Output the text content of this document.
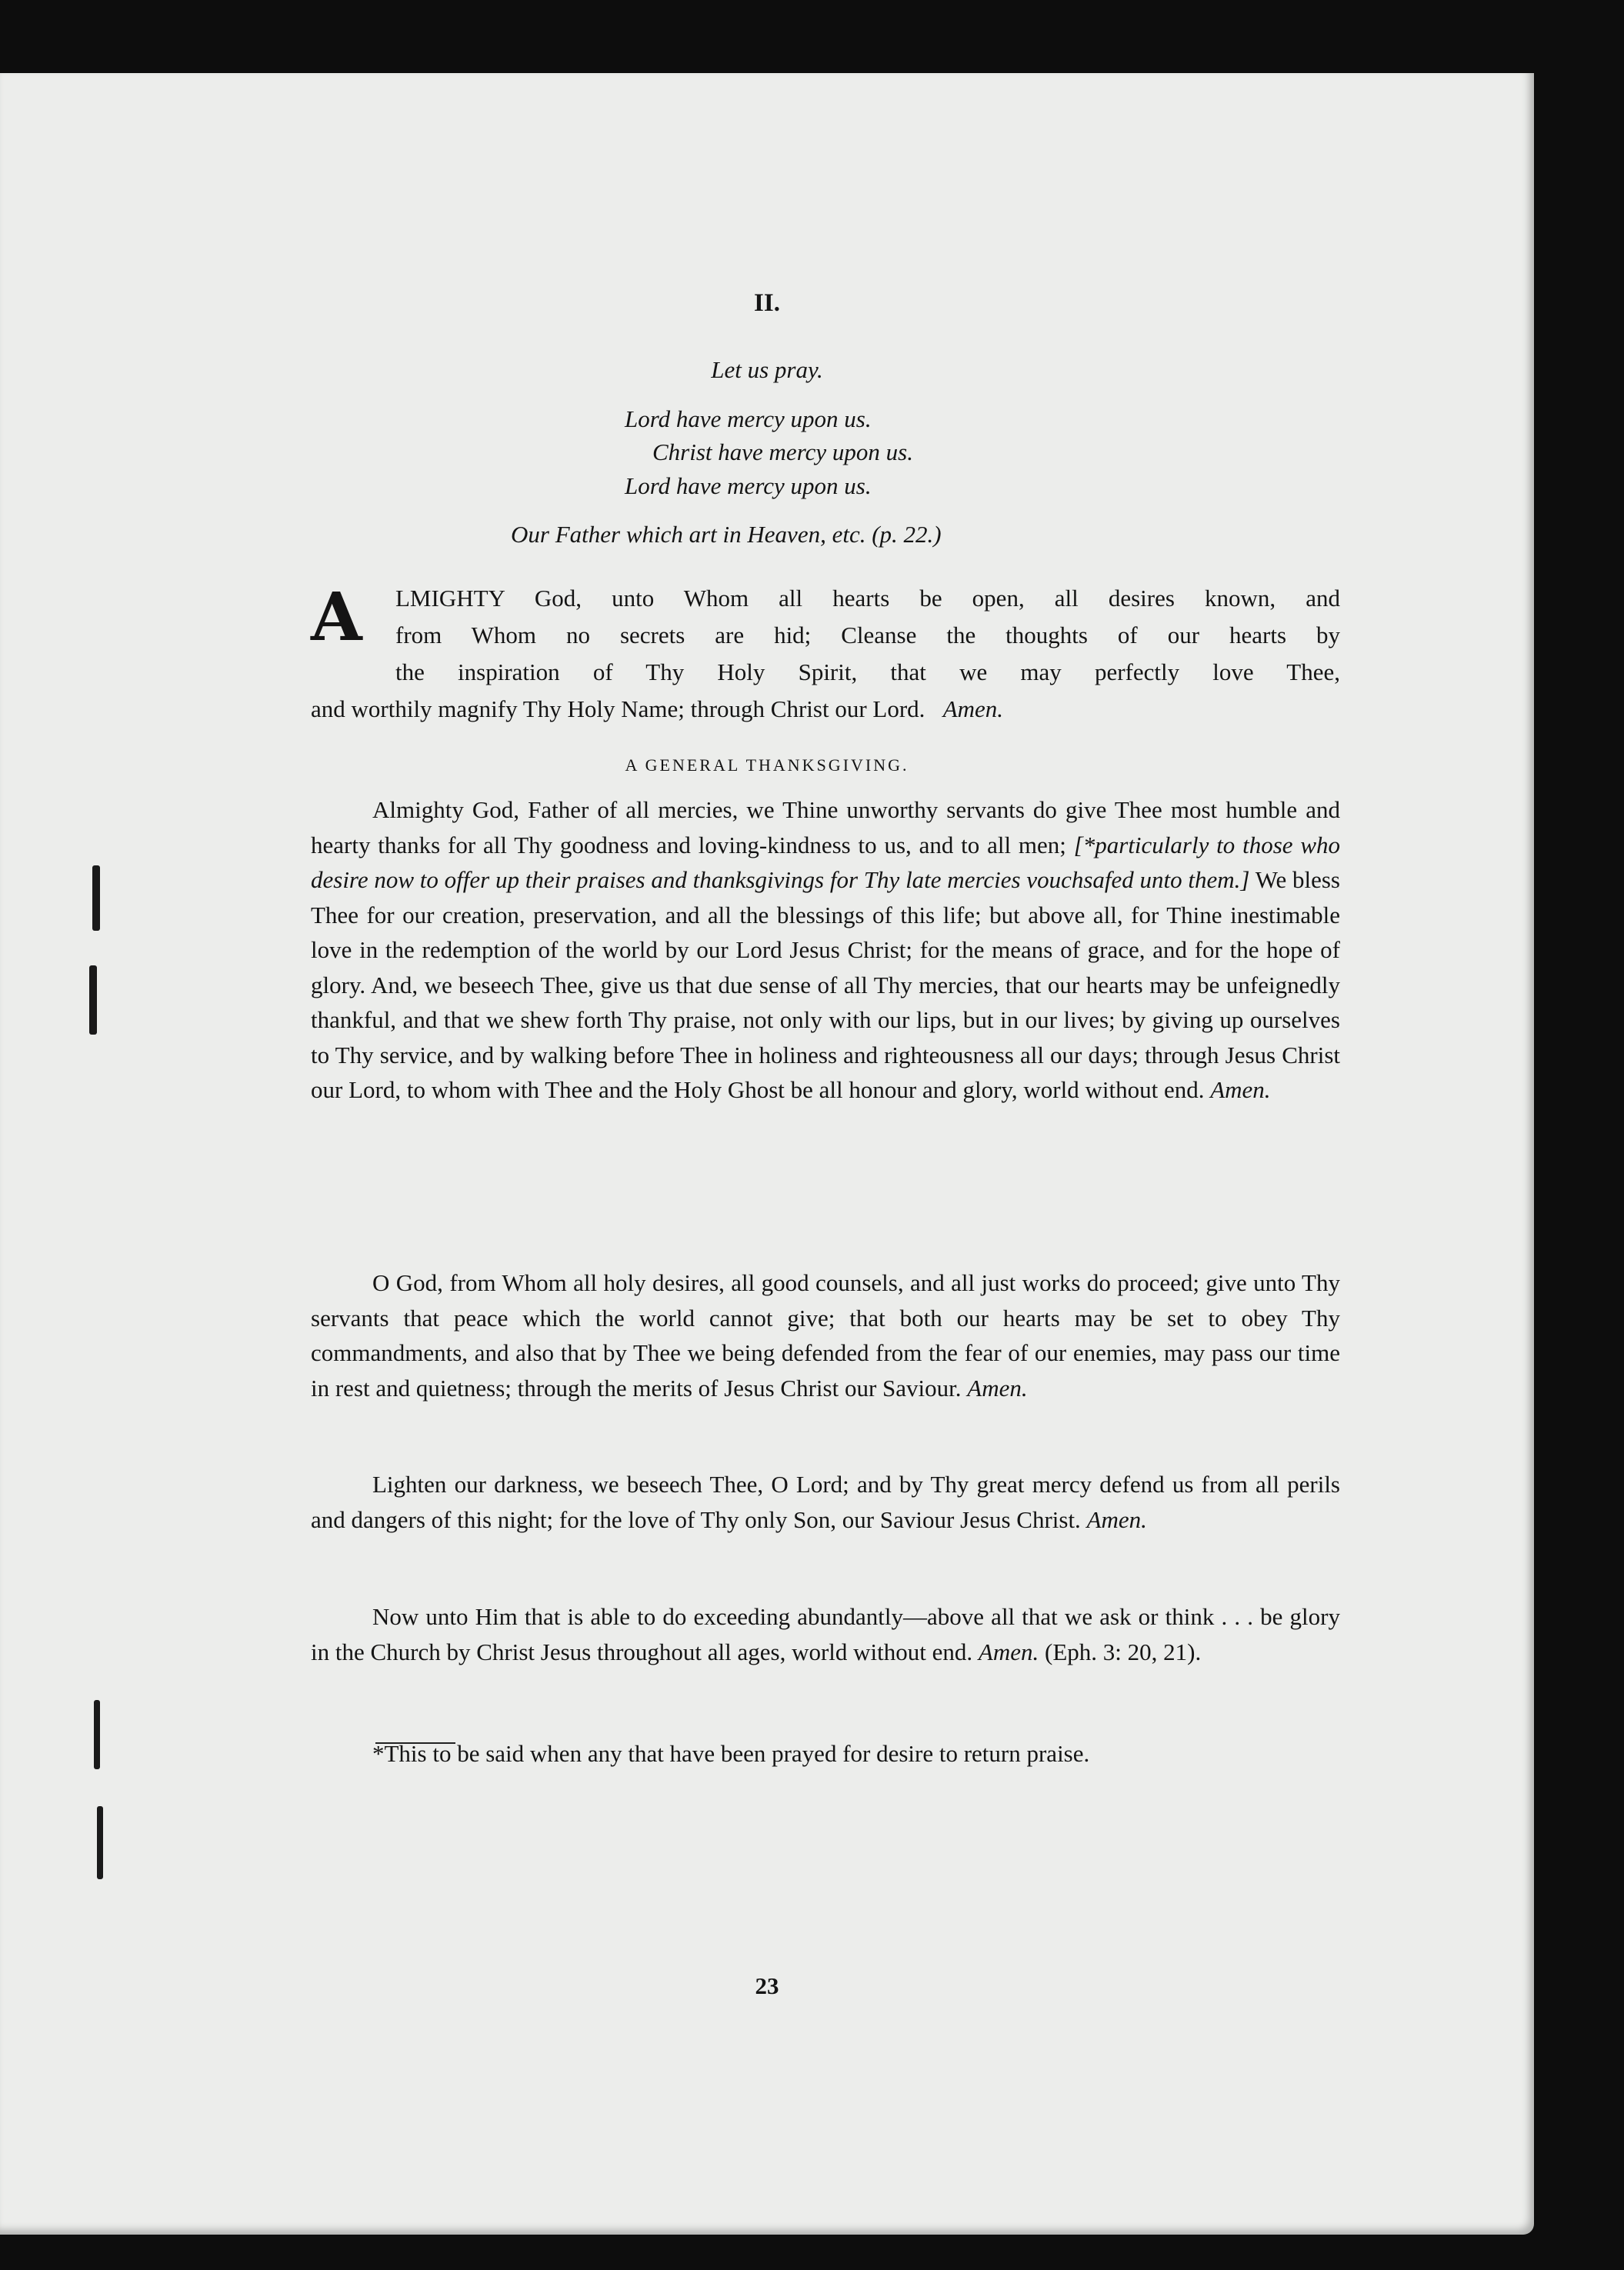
II.
Let us pray.
Lord have mercy upon us.
Christ have mercy upon us.
Lord have mercy upon us.
Our Father which art in Heaven, etc. (p. 22.)
A	LMIGHTY God, unto Whom all hearts be open, all desires known, and
from Whom no secrets are hid; Cleanse the thoughts of our hearts by
the inspiration of Thy Holy Spirit, that we may perfectly love Thee,
and worthily magnify Thy Holy Name; through Christ our Lord. Amen.
A GENERAL THANKSGIVING.

Almighty God, Father of all mercies, we Thine unworthy servants do give Thee most humble and hearty thanks for all Thy goodness and loving-kindness to us, and to all men; [*particularly to those who desire now to offer up their praises and thanksgivings for Thy late mercies vouchsafed unto them.] We bless Thee for our creation, preservation, and all the blessings of this life; but above all, for Thine inestimable love in the redemption of the world by our Lord Jesus Christ; for the means of grace, and for the hope of glory. And, we beseech Thee, give us that due sense of all Thy mercies, that our hearts may be unfeignedly thankful, and that we shew forth Thy praise, not only with our lips, but in our lives; by giving up ourselves to Thy service, and by walking before Thee in holiness and righteousness all our days; through Jesus Christ our Lord, to whom with Thee and the Holy Ghost be all honour and glory, world without end. Amen.

O God, from Whom all holy desires, all good counsels, and all just works do proceed; give unto Thy servants that peace which the world cannot give; that both our hearts may be set to obey Thy commandments, and also that by Thee we being defended from the fear of our enemies, may pass our time in rest and quietness; through the merits of Jesus Christ our Saviour. Amen.

Lighten our darkness, we beseech Thee, O Lord; and by Thy great mercy defend us from all perils and dangers of this night; for the love of Thy only Son, our Saviour Jesus Christ. Amen.

Now unto Him that is able to do exceeding abundantly—above all that we ask or think . . . be glory in the Church by Christ Jesus throughout all ages, world without end. Amen. (Eph. 3: 20, 21).

*This to be said when any that have been prayed for desire to return praise.

23
